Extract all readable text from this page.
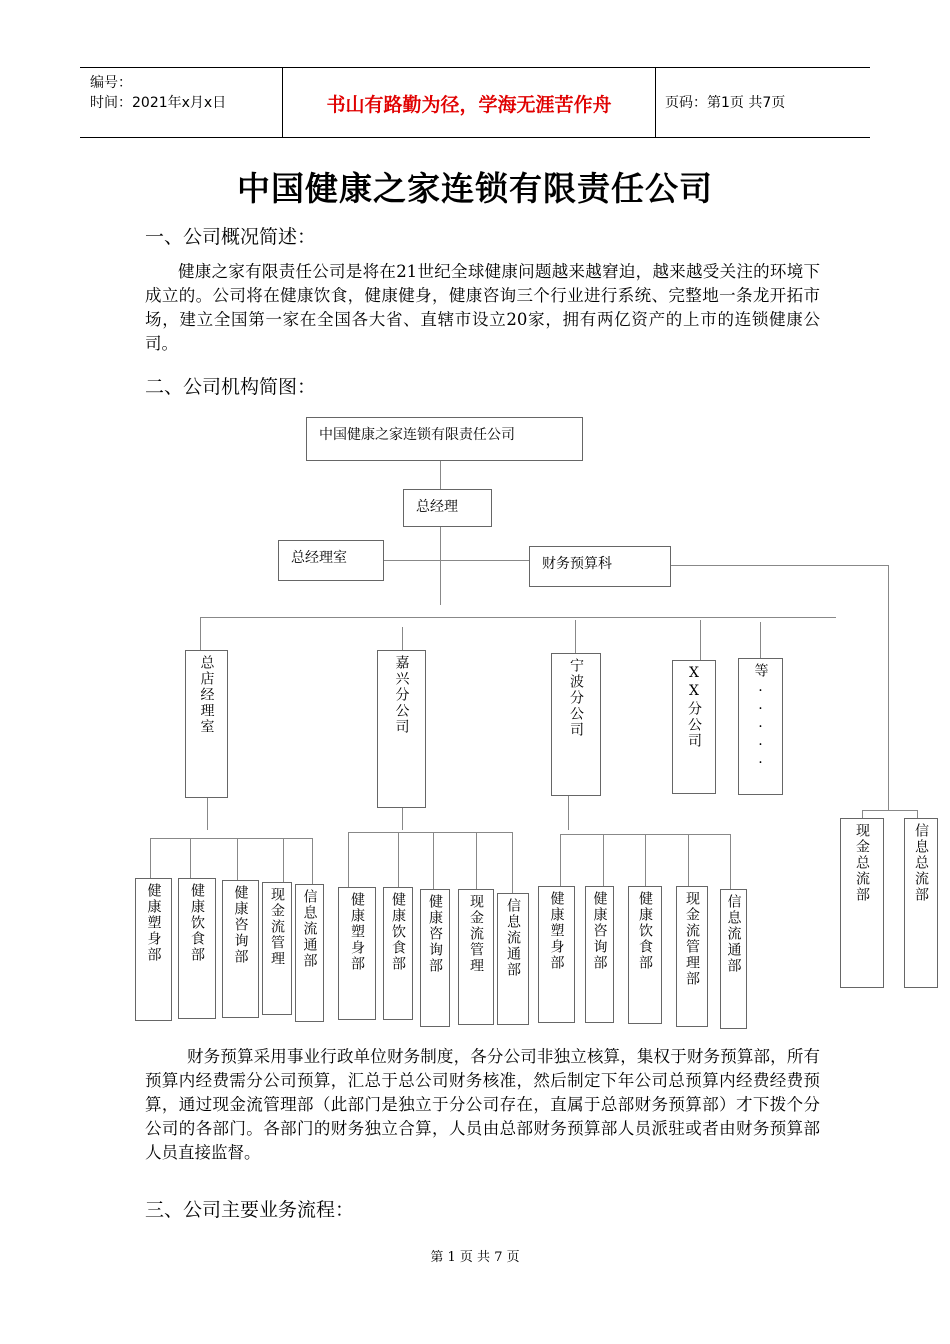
编号：
时间：2021年x月x日	书山有路勤为径，学海无涯苦作舟	页码：第1页 共7页
中国健康之家连锁有限责任公司
一、公司概况简述：
健康之家有限责任公司是将在21世纪全球健康问题越来越窘迫，越来越受关注的环境下成立的。公司将在健康饮食，健康健身，健康咨询三个行业进行系统、完整地一条龙开拓市场，建立全国第一家在全国各大省、直辖市设立20家，拥有两亿资产的上市的连锁健康公司。
二、公司机构简图：
中国健康之家连锁有限责任公司
总经理
总经理室	财务预算科
总店经理室	嘉兴分公司	宁波分公司	XX分公司	等.....
健康塑身部 健康饮食部 健康咨询部 现金流管理 信息流通部 健康塑身部 健康饮食部 健康咨询部 现金流管理 信息流通部 健康塑身部 健康咨询部 健康饮食部 现金流管理部 信息流通部
现金总流部	信息总流部
财务预算采用事业行政单位财务制度，各分公司非独立核算，集权于财务预算部，所有预算内经费需分公司预算，汇总于总公司财务核准，然后制定下年公司总预算内经费经费预算，通过现金流管理部（此部门是独立于分公司存在，直属于总部财务预算部）才下拨个分公司的各部门。各部门的财务独立合算，人员由总部财务预算部人员派驻或者由财务预算部人员直接监督。
三、公司主要业务流程：
第 1 页 共 7 页
